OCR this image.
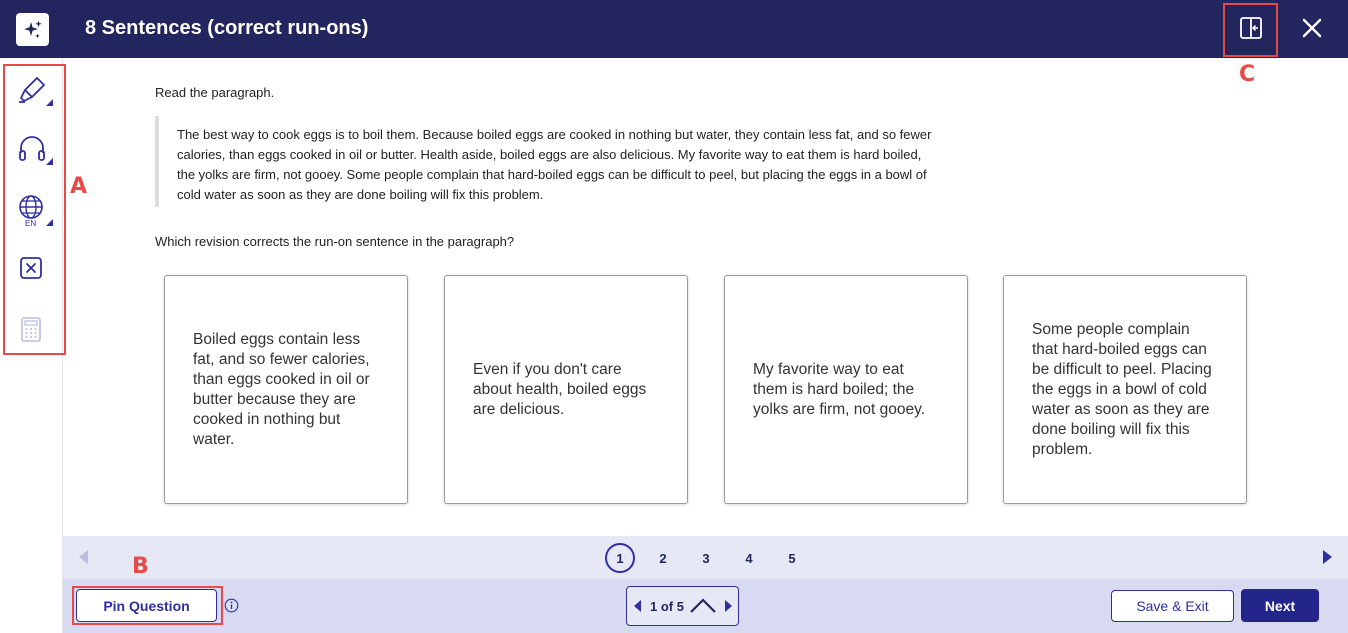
8 Sentences (correct run-ons)
EN
Read the paragraph.
The best way to cook eggs is to boil them. Because boiled eggs are cooked in nothing but water, they contain less fat, and so fewer calories, than eggs cooked in oil or butter. Health aside, boiled eggs are also delicious. My favorite way to eat them is hard boiled, the yolks are firm, not gooey. Some people complain that hard-boiled eggs can be difficult to peel, but placing the eggs in a bowl of cold water as soon as they are done boiling will fix this problem.
Which revision corrects the run-on sentence in the paragraph?
Boiled eggs contain less fat, and so fewer calories, than eggs cooked in oil or butter because they are cooked in nothing but water.
Even if you don't care about health, boiled eggs are delicious.
My favorite way to eat them is hard boiled; the yolks are firm, not gooey.
Some people complain that hard-boiled eggs can be difficult to peel. Placing the eggs in a bowl of cold water as soon as they are done boiling will fix this problem.
1	2	3	4	5
Pin Question	1 of 5	Save & Exit	Next
A
B
C
